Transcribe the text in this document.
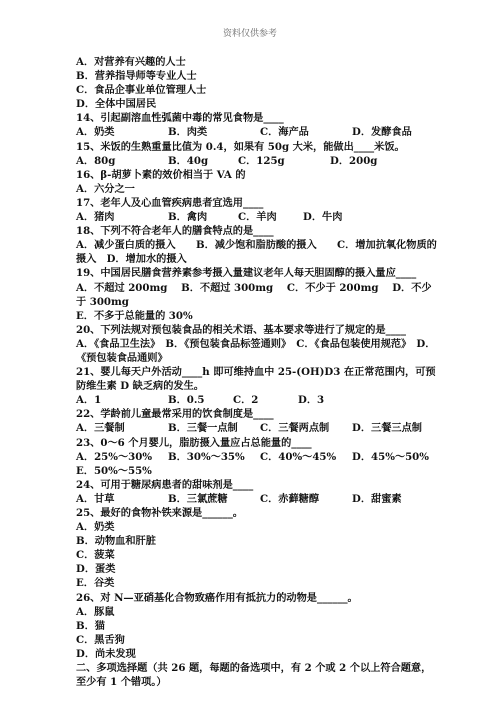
资料仅供参考
A．对营养有兴趣的人士
B．营养指导师等专业人士
C．食品企事业单位管理人士
D．全体中国居民
14、引起副溶血性弧菌中毒的常见食物是____
A．奶类	B．肉类	C．海产品	D．发酵食品
15、米饭的生熟重量比值为 0.4，如果有 50g 大米，能做出____米饭。
A．80g	B．40g	C．125g	D．200g
16、β-胡萝卜素的效价相当于 VA 的
A．六分之一
17、老年人及心血管疾病患者宜选用____
A．猪肉	B．禽肉	C．羊肉	D．牛肉
18、下列不符合老年人的膳食特点的是____
A．减少蛋白质的摄入　　 B．减少饱和脂肪酸的摄入　　 C．增加抗氧化物质的摄入　 D．增加水的摄入
19、中国居民膳食营养素参考摄入量建议老年人每天胆固醇的摄入量应____
A．不超过 200mg　 B．不超过 300mg　 C．不少于 200mg　 D．不少于 300mg
E．不多于总能量的 30%
20、下列法规对预包装食品的相关术语、基本要求等进行了规定的是____
A．《食品卫生法》　B．《预包装食品标签通则》　C．《食品包装使用规范》　D．《预包装食品通则》
21、婴儿每天户外活动____h 即可维持血中 25-(OH)D3 在正常范围内，可预防维生素 D 缺乏病的发生。
A．1	B．0.5	C．2	D．3
22、学龄前儿童最常采用的饮食制度是____
A．三餐制	B．三餐一点制	C．三餐两点制	D．三餐三点制
23、0～6 个月婴儿，脂肪摄入量应占总能量的____
A．25%～30%	B．30%～35%	C．40%～45%	D．45%～50%
E．50%～55%
24、可用于糖尿病患者的甜味剂是____
A．甘草	B．三氯蔗糖	C．赤藓糖醇	D．甜蜜素
25、最好的食物补铁来源是______。
A．奶类
B．动物血和肝脏
C．菠菜
D．蛋类
E．谷类
26、对 N—亚硝基化合物致癌作用有抵抗力的动物是______。
A．豚鼠
B．猫
C．黑舌狗
D．尚未发现
二、多项选择题（共 26 题，每题的备选项中，有 2 个或 2 个以上符合题意，至少有 1 个错项。）
